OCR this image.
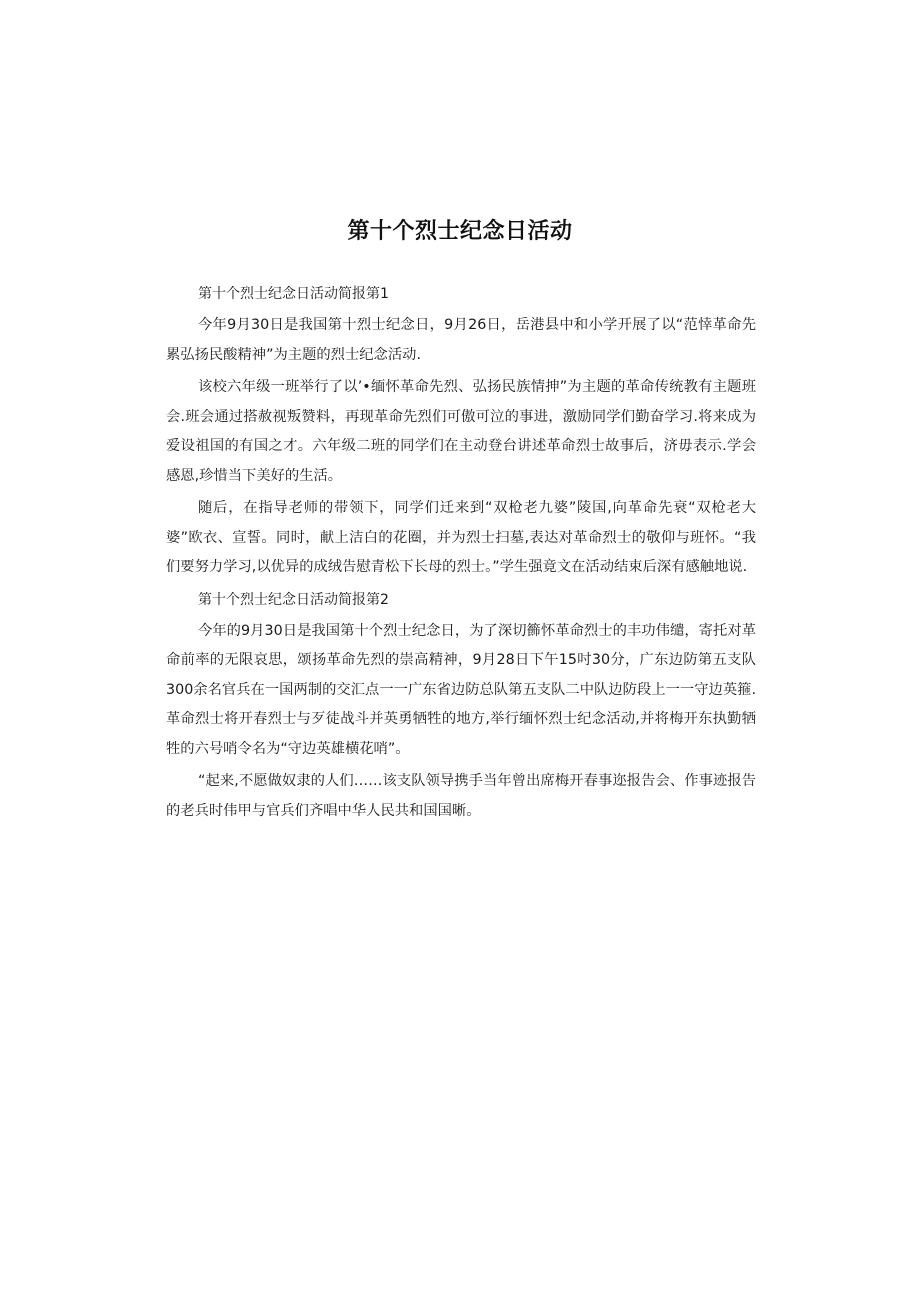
第十个烈士纪念日活动

第十个烈士纪念日活动简报第1

今年9月30日是我国第十烈士纪念日，9月26日，岳港县中和小学开展了以“范悻革命先累弘扬民酸精神”为主题的烈士纪念活动.

该校六年级一班举行了以’•缅怀革命先烈、弘扬民族情抻”为主题的革命传统教有主题班会.班会通过搭赦视叛赞料，再现革命先烈们可傲可泣的事进，激励同学们勤奋学习.将来成为爱设祖国的有国之才。六年级二班的同学们在主动登台讲述革命烈士故事后，济毋表示.学会感恩,珍惜当下美好的生活。

随后，在指导老师的带领下，同学们迁来到“双枪老九婆”陵国,向革命先衰“双枪老大婆”欧衣、宣誓。同时，献上洁白的花圈，并为烈士扫墓,表达对革命烈士的敬仰与班怀。“我们要努力学习,以优异的成绒告慰青松下长母的烈士。”学生强竟文在活动结束后深有感触地说.

第十个烈士纪念日活动简报第2

今年的9月30日是我国第十个烈士纪念日，为了深切籂怀革命烈士的丰功伟缱，寄托对革命前率的无限哀思，颂扬革命先烈的崇高精神，9月28日下午15吋30分，广东边防第五支队300余名官兵在一国两制的交汇点一一广东省边防总队第五支队二中队边防段上一一守边英箍.革命烈士将开春烈士与歹徒战斗并英勇牺牲的地方,举行缅怀烈士纪念活动,并将梅开东执勤牺牲的六号哨令名为“守边英雄横花哨”。

“起来,不愿做奴隶的人们……该支队领导携手当年曾出席梅开春事迩报告会、作事迹报告的老兵时伟甲与官兵们齐唱中华人民共和国国晰。
